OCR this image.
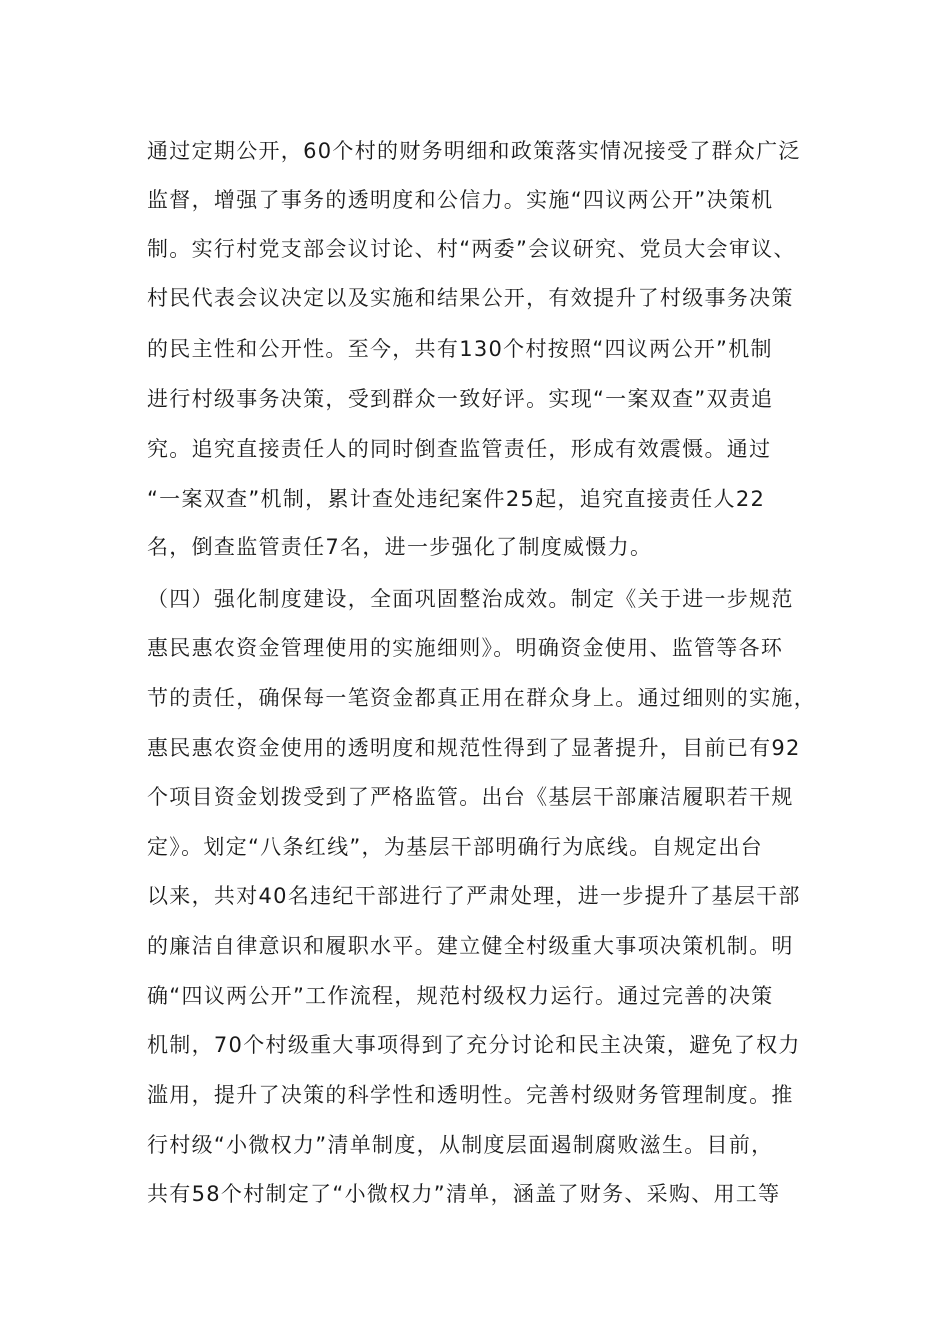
通过定期公开，60个村的财务明细和政策落实情况接受了群众广泛
监督，增强了事务的透明度和公信力。实施“四议两公开”决策机
制。实行村党支部会议讨论、村“两委”会议研究、党员大会审议、
村民代表会议决定以及实施和结果公开，有效提升了村级事务决策
的民主性和公开性。至今，共有130个村按照“四议两公开”机制
进行村级事务决策，受到群众一致好评。实现“一案双查”双责追
究。追究直接责任人的同时倒查监管责任，形成有效震慑。通过
“一案双查”机制，累计查处违纪案件25起，追究直接责任人22
名，倒查监管责任7名，进一步强化了制度威慑力。
（四）强化制度建设，全面巩固整治成效。制定《关于进一步规范
惠民惠农资金管理使用的实施细则》。明确资金使用、监管等各环
节的责任，确保每一笔资金都真正用在群众身上。通过细则的实施，
惠民惠农资金使用的透明度和规范性得到了显著提升，目前已有92
个项目资金划拨受到了严格监管。出台《基层干部廉洁履职若干规
定》。划定“八条红线”，为基层干部明确行为底线。自规定出台
以来，共对40名违纪干部进行了严肃处理，进一步提升了基层干部
的廉洁自律意识和履职水平。建立健全村级重大事项决策机制。明
确“四议两公开”工作流程，规范村级权力运行。通过完善的决策
机制，70个村级重大事项得到了充分讨论和民主决策，避免了权力
滥用，提升了决策的科学性和透明性。完善村级财务管理制度。推
行村级“小微权力”清单制度，从制度层面遏制腐败滋生。目前，
共有58个村制定了“小微权力”清单，涵盖了财务、采购、用工等
